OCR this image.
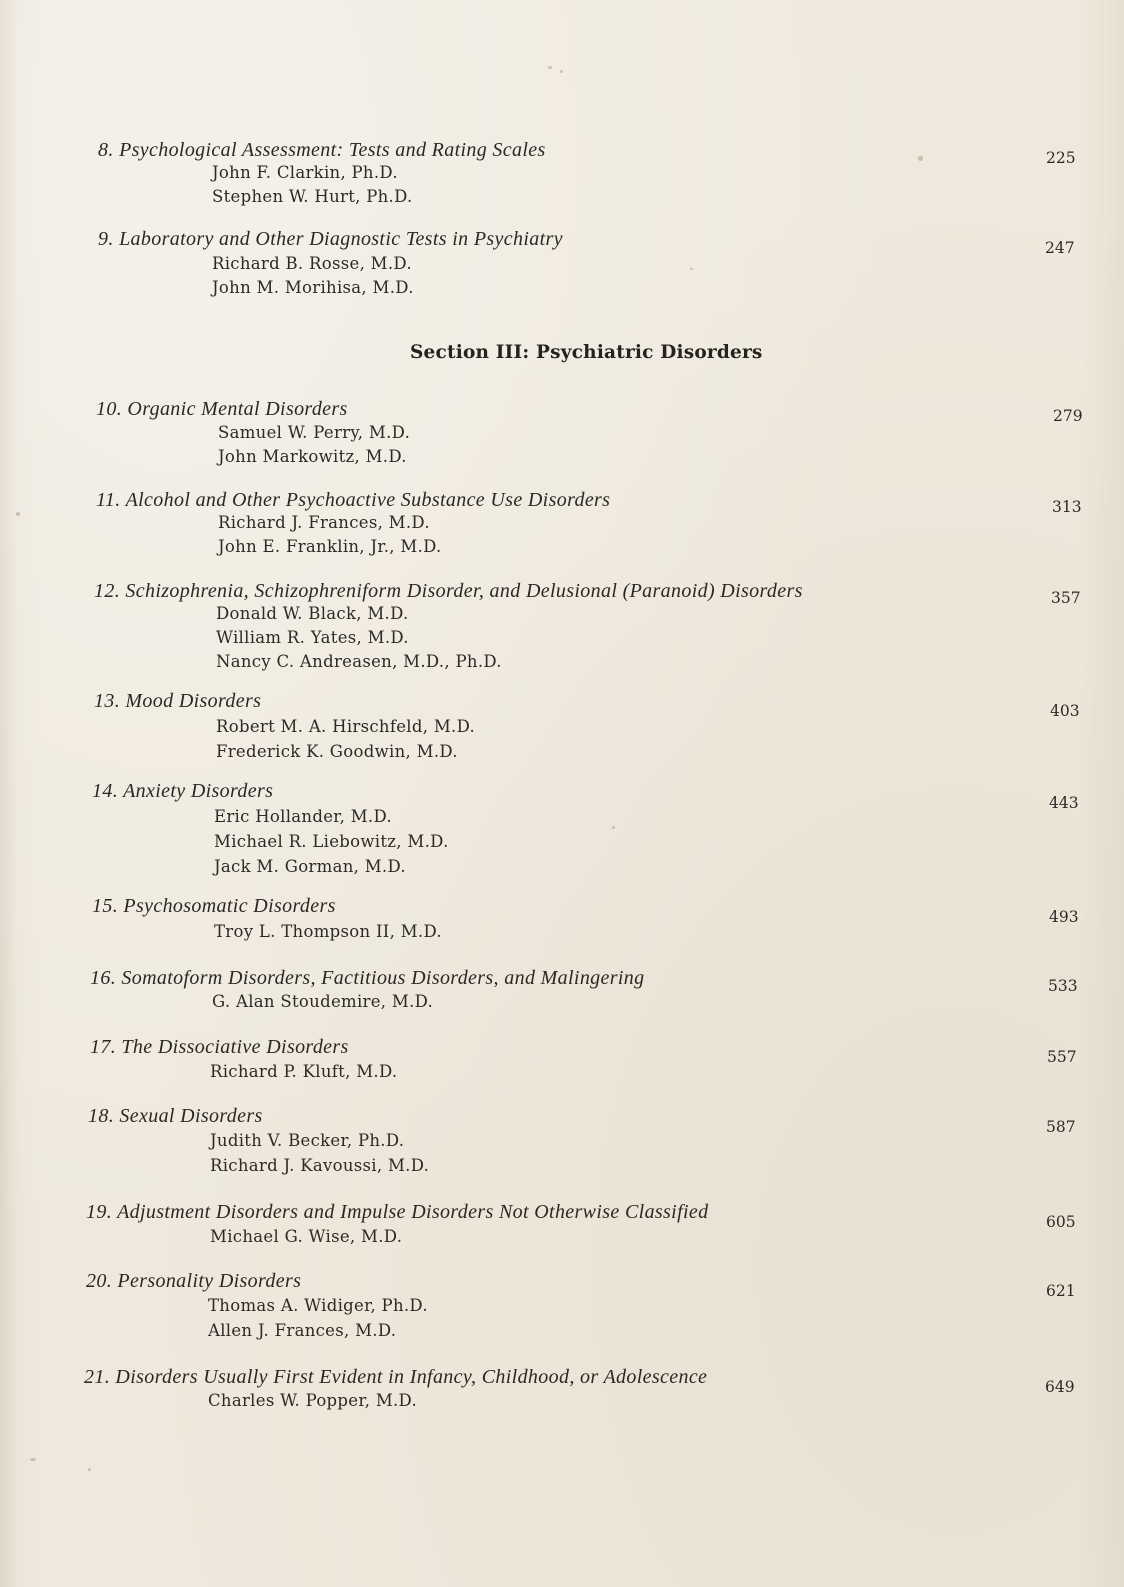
8. Psychological Assessment: Tests and Rating Scales
John F. Clarkin, Ph.D.
Stephen W. Hurt, Ph.D.
225
9. Laboratory and Other Diagnostic Tests in Psychiatry
Richard B. Rosse, M.D.
John M. Morihisa, M.D.
247
Section III: Psychiatric Disorders
10. Organic Mental Disorders
Samuel W. Perry, M.D.
John Markowitz, M.D.
279
11. Alcohol and Other Psychoactive Substance Use Disorders
Richard J. Frances, M.D.
John E. Franklin, Jr., M.D.
313
12. Schizophrenia, Schizophreniform Disorder, and Delusional (Paranoid) Disorders
Donald W. Black, M.D.
William R. Yates, M.D.
Nancy C. Andreasen, M.D., Ph.D.
357
13. Mood Disorders
Robert M. A. Hirschfeld, M.D.
Frederick K. Goodwin, M.D.
403
14. Anxiety Disorders
Eric Hollander, M.D.
Michael R. Liebowitz, M.D.
Jack M. Gorman, M.D.
443
15. Psychosomatic Disorders
Troy L. Thompson II, M.D.
493
16. Somatoform Disorders, Factitious Disorders, and Malingering
G. Alan Stoudemire, M.D.
533
17. The Dissociative Disorders
Richard P. Kluft, M.D.
557
18. Sexual Disorders
Judith V. Becker, Ph.D.
Richard J. Kavoussi, M.D.
587
19. Adjustment Disorders and Impulse Disorders Not Otherwise Classified
Michael G. Wise, M.D.
605
20. Personality Disorders
Thomas A. Widiger, Ph.D.
Allen J. Frances, M.D.
621
21. Disorders Usually First Evident in Infancy, Childhood, or Adolescence
Charles W. Popper, M.D.
649
